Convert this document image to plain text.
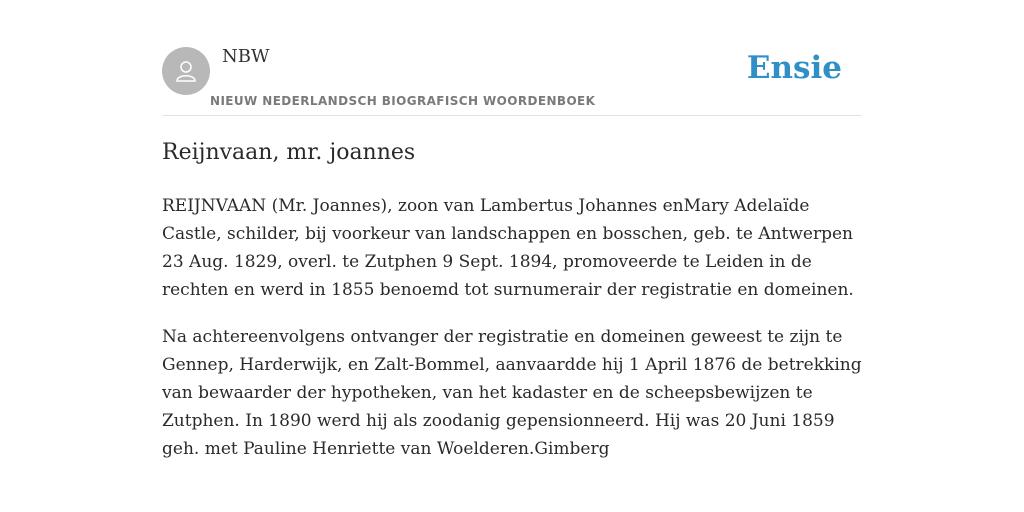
NBW
NIEUW NEDERLANDSCH BIOGRAFISCH WOORDENBOEK
Ensie
Reijnvaan, mr. joannes

REIJNVAAN (Mr. Joannes), zoon van Lambertus Johannes enMary Adelaïde Castle, schilder, bij voorkeur van landschappen en bosschen, geb. te Antwerpen 23 Aug. 1829, overl. te Zutphen 9 Sept. 1894, promoveerde te Leiden in de rechten en werd in 1855 benoemd tot surnumerair der registratie en domeinen.

Na achtereenvolgens ontvanger der registratie en domeinen geweest te zijn te Gennep, Harderwijk, en Zalt-Bommel, aanvaardde hij 1 April 1876 de betrekking van bewaarder der hypotheken, van het kadaster en de scheepsbewijzen te Zutphen. In 1890 werd hij als zoodanig gepensionneerd. Hij was 20 Juni 1859 geh. met Pauline Henriette van Woelderen.Gimberg
